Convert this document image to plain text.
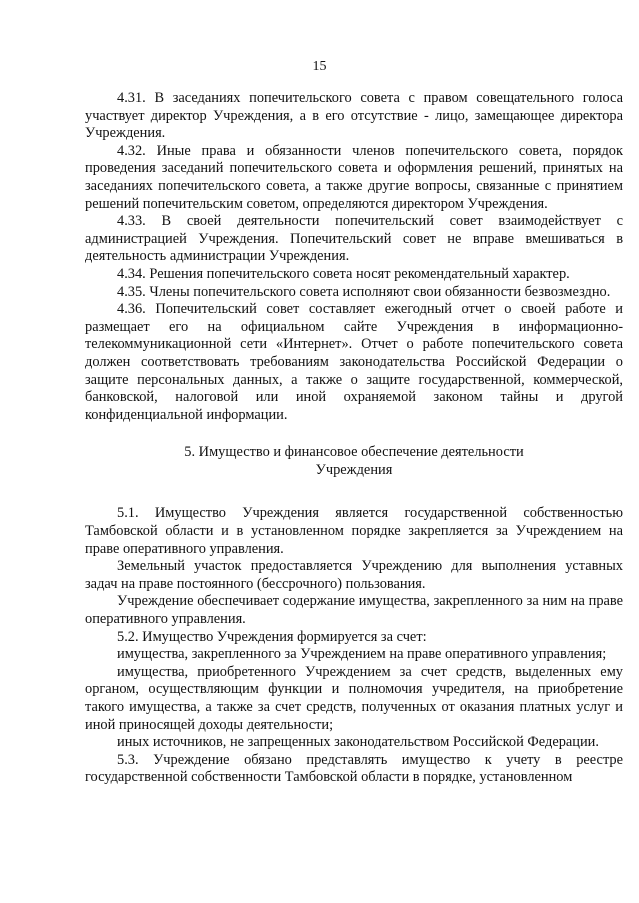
15

4.31. В заседаниях попечительского совета с правом совещательного голоса участвует директор Учреждения, а в его отсутствие - лицо, замещающее директора Учреждения.

4.32. Иные права и обязанности членов попечительского совета, порядок проведения заседаний попечительского совета и оформления решений, принятых на заседаниях попечительского совета, а также другие вопросы, связанные с принятием решений попечительским советом, определяются директором Учреждения.

4.33. В своей деятельности попечительский совет взаимодействует с администрацией Учреждения. Попечительский совет не вправе вмешиваться в деятельность администрации Учреждения.

4.34. Решения попечительского совета носят рекомендательный характер.

4.35. Члены попечительского совета исполняют свои обязанности безвозмездно.

4.36. Попечительский совет составляет ежегодный отчет о своей работе и размещает его на официальном сайте Учреждения в информационно-телекоммуникационной сети «Интернет». Отчет о работе попечительского совета должен соответствовать требованиям законодательства Российской Федерации о защите персональных данных, а также о защите государственной, коммерческой, банковской, налоговой или иной охраняемой законом тайны и другой конфиденциальной информации.

5. Имущество и финансовое обеспечение деятельности
Учреждения

5.1. Имущество Учреждения является государственной собственностью Тамбовской области и в установленном порядке закрепляется за Учреждением на праве оперативного управления.

Земельный участок предоставляется Учреждению для выполнения уставных задач на праве постоянного (бессрочного) пользования.

Учреждение обеспечивает содержание имущества, закрепленного за ним на праве оперативного управления.

5.2. Имущество Учреждения формируется за счет:

имущества, закрепленного за Учреждением на праве оперативного управления;

имущества, приобретенного Учреждением за счет средств, выделенных ему органом, осуществляющим функции и полномочия учредителя, на приобретение такого имущества, а также за счет средств, полученных от оказания платных услуг и иной приносящей доходы деятельности;

иных источников, не запрещенных законодательством Российской Федерации.

5.3. Учреждение обязано представлять имущество к учету в реестре государственной собственности Тамбовской области в порядке, установленном
